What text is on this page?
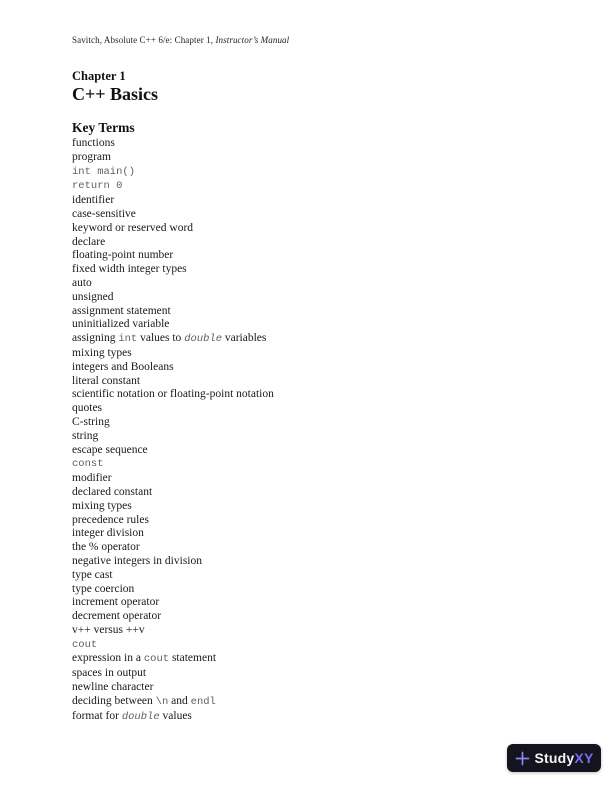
Savitch, Absolute C++ 6/e: Chapter 1, Instructor’s Manual
Chapter 1
C++ Basics
Key Terms
functions
program
int main()
return 0
identifier
case-sensitive
keyword or reserved word
declare
floating-point number
fixed width integer types
auto
unsigned
assignment statement
uninitialized variable
assigning int values to double variables
mixing types
integers and Booleans
literal constant
scientific notation or floating-point notation
quotes
C-string
string
escape sequence
const
modifier
declared constant
mixing types
precedence rules
integer division
the % operator
negative integers in division
type cast
type coercion
increment operator
decrement operator
v++ versus ++v
cout
expression in a cout statement
spaces in output
newline character
deciding between \n and endl
format for double values
StudyXY
